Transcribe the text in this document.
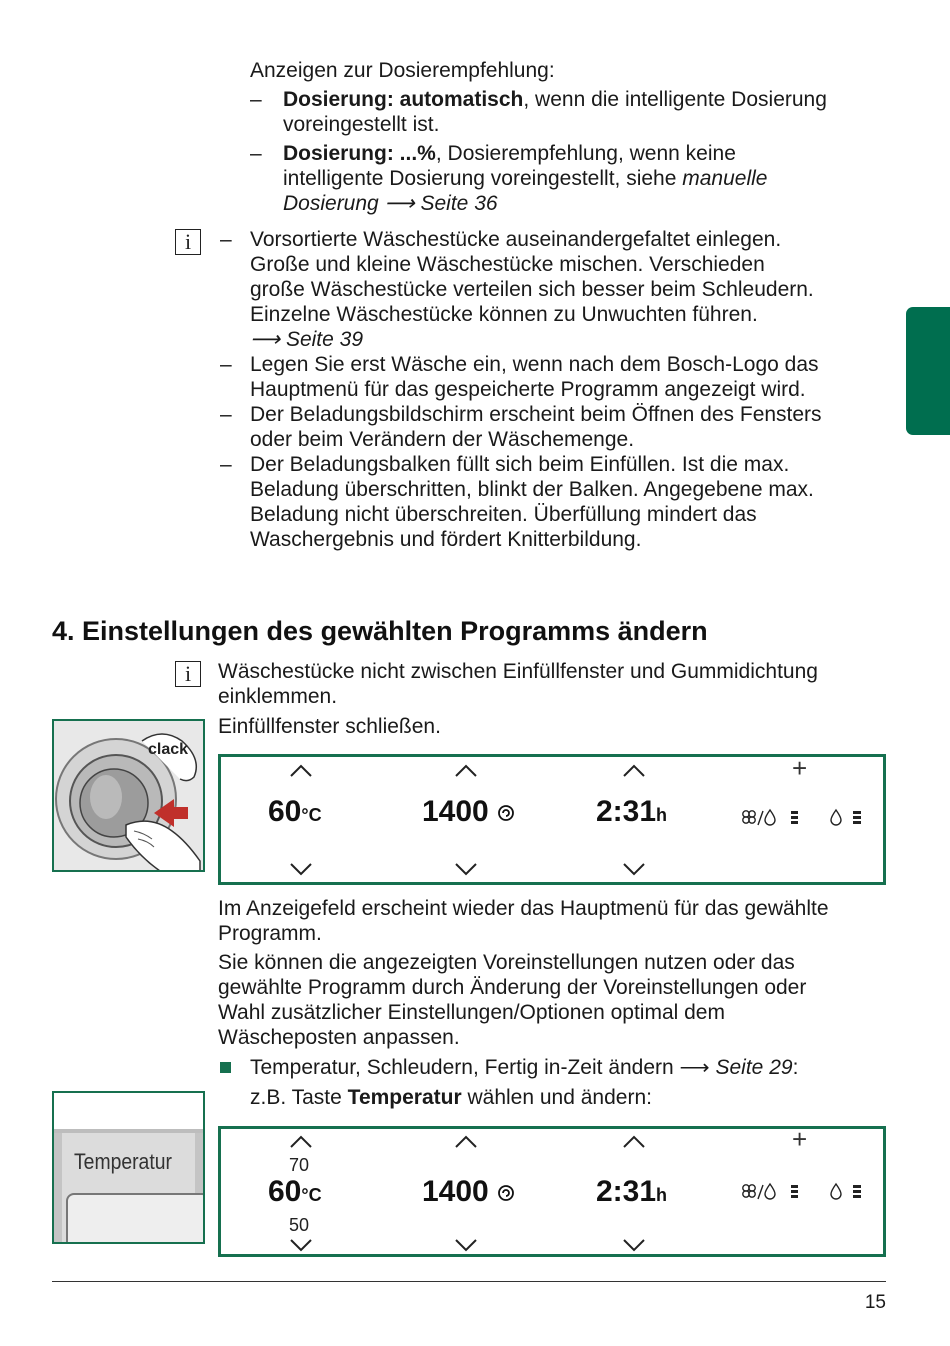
Anzeigen zur Dosierempfehlung:

– Dosierung: automatisch, wenn die intelligente Dosierung

voreingestellt ist.

– Dosierung: ...%, Dosierempfehlung, wenn keine

intelligente Dosierung voreingestellt, siehe manuelle

Dosierung ⟶ Seite 36

i	– Vorsortierte Wäschestücke auseinandergefaltet einlegen.

Große und kleine Wäschestücke mischen. Verschieden

große Wäschestücke verteilen sich besser beim Schleudern.

Einzelne Wäschestücke können zu Unwuchten führen.

⟶ Seite 39

– Legen Sie erst Wäsche ein, wenn nach dem Bosch-Logo das

Hauptmenü für das gespeicherte Programm angezeigt wird.

– Der Beladungsbildschirm erscheint beim Öffnen des Fensters

oder beim Verändern der Wäschemenge.

– Der Beladungsbalken füllt sich beim Einfüllen. Ist die max.

Beladung überschritten, blinkt der Balken. Angegebene max.

Beladung nicht überschreiten. Überfüllung mindert das

Waschergebnis und fördert Knitterbildung.

4. Einstellungen des gewählten Programms ändern
i	Wäschestücke nicht zwischen Einfüllfenster und Gummidichtung

einklemmen.

Einfüllfenster schließen.

clack
+
60°C	1400	2:31h

Im Anzeigefeld erscheint wieder das Hauptmenü für das gewählte

Programm.

Sie können die angezeigten Voreinstellungen nutzen oder das

gewählte Programm durch Änderung der Voreinstellungen oder

Wahl zusätzlicher Einstellungen/Optionen optimal dem

Wäscheposten anpassen.

Temperatur, Schleudern, Fertig in-Zeit ändern ⟶ Seite 29:

z.B. Taste Temperatur wählen und ändern:

Temperatur
+
70
60°C
50
1400	2:31h
15
